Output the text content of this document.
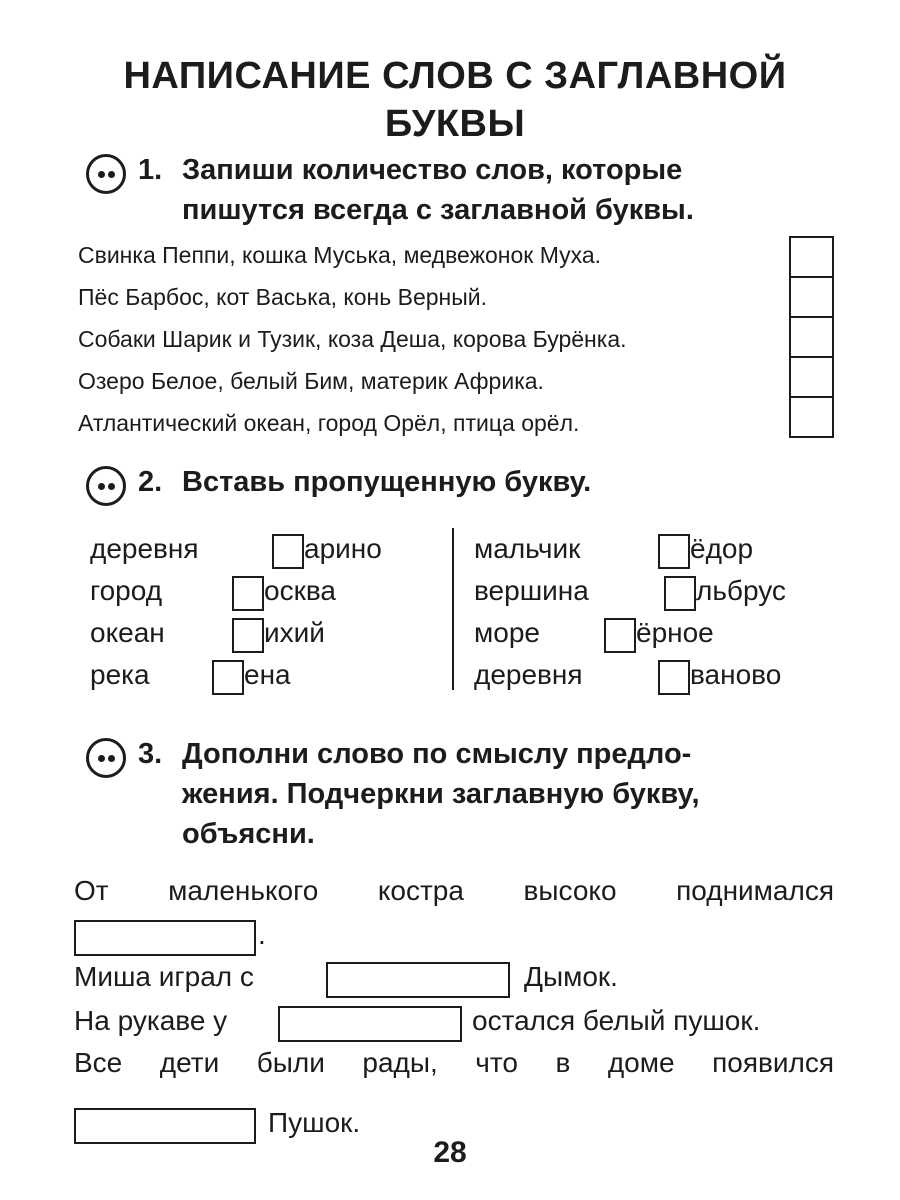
НАПИСАНИЕ СЛОВ С ЗАГЛАВНОЙ
БУКВЫ
1. Запиши количество слов, которые
пишутся всегда с заглавной буквы.
Свинка Пеппи, кошка Муська, медвежонок Муха.
Пёс Барбос, кот Васька, конь Верный.
Собаки Шарик и Тузик, коза Деша, корова Бурёнка.
Озеро Белое, белый Бим, материк Африка.
Атлантический океан, город Орёл, птица орёл.
2. Вставь пропущенную букву.
деревня	арино
город	осква
океан	ихий
река	ена
мальчик	ёдор
вершина	льбрус
море	ёрное
деревня	ваново
3. Дополни слово по смыслу предло-
жения. Подчеркни заглавную букву,
объясни.
От маленького костра высоко поднимался
.
Миша играл с	Дымок.
На рукаве у	остался белый пушок.
Все дети были рады, что в доме появился
Пушок.
28
